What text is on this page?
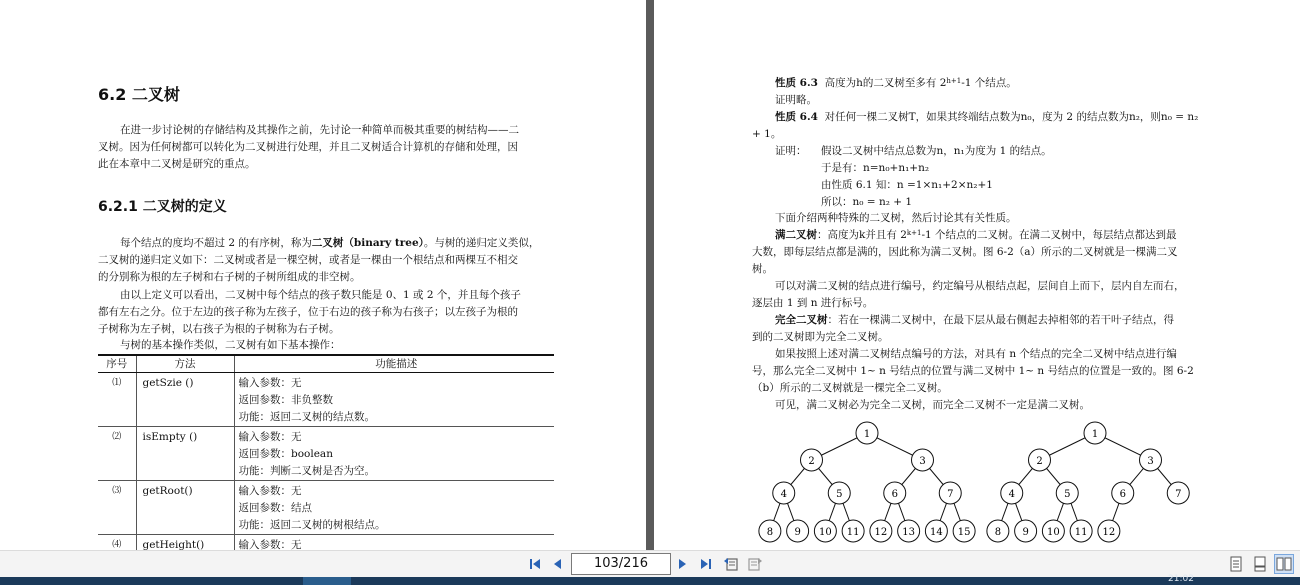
6.2 二叉树
在进一步讨论树的存储结构及其操作之前，先讨论一种简单而极其重要的树结构——二
叉树。因为任何树都可以转化为二叉树进行处理，并且二叉树适合计算机的存储和处理，因
此在本章中二叉树是研究的重点。
6.2.1 二叉树的定义
每个结点的度均不超过 2 的有序树，称为二叉树（binary tree）。与树的递归定义类似，
二叉树的递归定义如下：二叉树或者是一棵空树，或者是一棵由一个根结点和两棵互不相交
的分别称为根的左子树和右子树的子树所组成的非空树。
由以上定义可以看出，二叉树中每个结点的孩子数只能是 0、1 或 2 个，并且每个孩子
都有左右之分。位于左边的孩子称为左孩子，位于右边的孩子称为右孩子；以左孩子为根的
子树称为左子树，以右孩子为根的子树称为右子树。
与树的基本操作类似，二叉树有如下基本操作：
序号	方法	功能描述
⑴	getSzie ()	输入参数：无
返回参数：非负整数
功能：返回二叉树的结点数。

⑵	isEmpty ()	输入参数：无
返回参数：boolean
功能：判断二叉树是否为空。

⑶	getRoot()	输入参数：无
返回参数：结点
功能：返回二叉树的树根结点。

⑷	getHeight()	输入参数：无
性质 6.3 高度为h的二叉树至多有 $2^{h+1}-1$ 个结点。
证明略。
性质 6.4 对任何一棵二叉树T，如果其终端结点数为n₀，度为 2 的结点数为n₂，则n₀ = n₂
+ 1。
证明： 假设二叉树中结点总数为n，n₁为度为 1 的结点。
于是有：n=n₀+n₁+n₂
由性质 6.1 知：n =1×n₁+2×n₂+1
所以：n₀ = n₂ + 1
下面介绍两种特殊的二叉树，然后讨论其有关性质。
满二叉树：高度为k并且有 $2^{k+1}-1$ 个结点的二叉树。在满二叉树中，每层结点都达到最
大数，即每层结点都是满的，因此称为满二叉树。图 6-2（a）所示的二叉树就是一棵满二叉
树。
可以对满二叉树的结点进行编号，约定编号从根结点起，层间自上而下，层内自左而右，
逐层由 1 到 n 进行标号。
完全二叉树：若在一棵满二叉树中，在最下层从最右侧起去掉相邻的若干叶子结点，得
到的二叉树即为完全二叉树。
如果按照上述对满二叉树结点编号的方法，对具有 n 个结点的完全二叉树中结点进行编
号，那么完全二叉树中 1~ n 号结点的位置与满二叉树中 1~ n 号结点的位置是一致的。图 6-2
（b）所示的二叉树就是一棵完全二叉树。
可见，满二叉树必为完全二叉树，而完全二叉树不一定是满二叉树。
1
2	3
4	5	6	7
8 9 10 11 12 13 14 15
1
2	3
4	5	6	7
8 9 10 11 12
103/216
21:02
